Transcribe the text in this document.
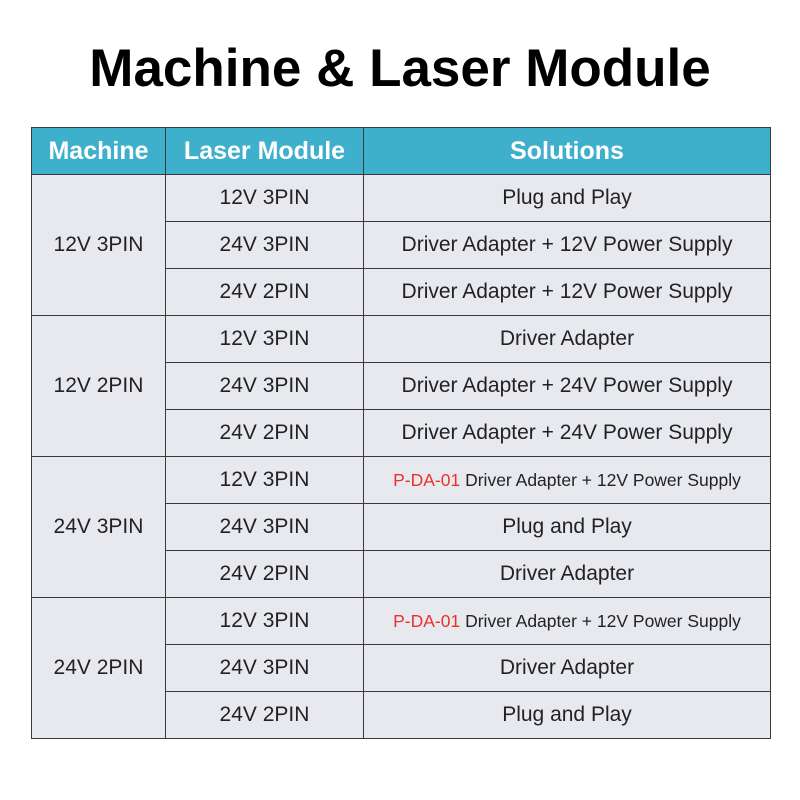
Machine & Laser Module
Machine	Laser Module	Solutions
12V 3PIN	12V 3PIN	Plug and Play
	24V 3PIN	Driver Adapter + 12V Power Supply
	24V 2PIN	Driver Adapter + 12V Power Supply
12V 2PIN	12V 3PIN	Driver Adapter
	24V 3PIN	Driver Adapter + 24V Power Supply
	24V 2PIN	Driver Adapter + 24V Power Supply
24V 3PIN	12V 3PIN	P-DA-01 Driver Adapter + 12V Power Supply
	24V 3PIN	Plug and Play
	24V 2PIN	Driver Adapter
24V 2PIN	12V 3PIN	P-DA-01 Driver Adapter + 12V Power Supply
	24V 3PIN	Driver Adapter
	24V 2PIN	Plug and Play
